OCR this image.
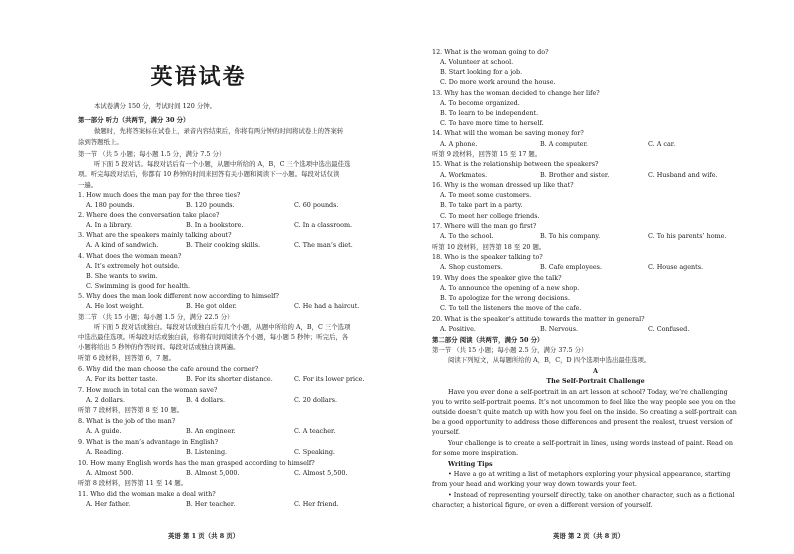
英语试卷
本试卷满分 150 分，考试时间 120 分钟。
第一部分 听力（共两节，满分 30 分）
做题时，先将答案标在试卷上，录音内容结束后，你将有两分钟的时间将试卷上的答案转
涂到答题纸上。
第一节 （共 5 小题；每小题 1.5 分，满分 7.5 分）
听下面 5 段对话。每段对话后有一个小题，从题中所给的 A，B，C 三个选项中选出最佳选
项。听完每段对话后，你都有 10 秒钟的时间来回答有关小题和阅读下一小题。每段对话仅读
一遍。
1. How much does the man pay for the three ties?
A. 180 pounds.	B. 120 pounds.	C. 60 pounds.
2. Where does the conversation take place?
A. In a library.	B. In a bookstore.	C. In a classroom.
3. What are the speakers mainly talking about?
A. A kind of sandwich.	B. Their cooking skills.	C. The man’s diet.
4. What does the woman mean?
A. It’s extremely hot outside.
B. She wants to swim.
C. Swimming is good for health.
5. Why does the man look different now according to himself?
A. He lost weight.	B. He got older.	C. He had a haircut.
第二节 （共 15 小题；每小题 1.5 分，满分 22.5 分）
听下面 5 段对话或独白。每段对话或独白后有几个小题，从题中所给的 A，B，C 三个选项
中选出最佳选项。听每段对话或独白前，你将有时间阅读各个小题，每小题 5 秒钟；听完后，各
小题将给出 5 秒钟的作答时间。每段对话或独白读两遍。
听第 6 段材料，回答第 6，7 题。
6. Why did the man choose the cafe around the corner?
A. For its better taste.	B. For its shorter distance.	C. For its lower price.
7. How much in total can the woman save?
A. 2 dollars.	B. 4 dollars.	C. 20 dollars.
听第 7 段材料，回答第 8 至 10 题。
8. What is the job of the man?
A. A guide.	B. An engineer.	C. A teacher.
9. What is the man’s advantage in English?
A. Reading.	B. Listening.	C. Speaking.
10. How many English words has the man grasped according to himself?
A. Almost 500.	B. Almost 5,000.	C. Almost 5,500.
听第 8 段材料，回答第 11 至 14 题。
11. Who did the woman make a deal with?
A. Her father.	B. Her teacher.	C. Her friend.
英语 第 1 页（共 8 页）
12. What is the woman going to do?
A. Volunteer at school.
B. Start looking for a job.
C. Do more work around the house.
13. Why has the woman decided to change her life?
A. To become organized.
B. To learn to be independent.
C. To have more time to herself.
14. What will the woman be saving money for?
A. A phone.	B. A computer.	C. A car.
听第 9 段材料，回答第 15 至 17 题。
15. What is the relationship between the speakers?
A. Workmates.	B. Brother and sister.	C. Husband and wife.
16. Why is the woman dressed up like that?
A. To meet some customers.
B. To take part in a party.
C. To meet her college friends.
17. Where will the man go first?
A. To the school.	B. To his company.	C. To his parents’ home.
听第 10 段材料，回答第 18 至 20 题。
18. Who is the speaker talking to?
A. Shop customers.	B. Cafe employees.	C. House agents.
19. Why does the speaker give the talk?
A. To announce the opening of a new shop.
B. To apologize for the wrong decisions.
C. To tell the listeners the move of the cafe.
20. What is the speaker’s attitude towards the matter in general?
A. Positive.	B. Nervous.	C. Confused.
第二部分 阅读（共两节，满分 50 分）
第一节 （共 15 小题；每小题 2.5 分，满分 37.5 分）
阅读下列短文，从每题所给的 A，B，C，D 四个选项中选出最佳选项。
A
The Self-Portrait Challenge
Have you ever done a self-portrait in an art lesson at school? Today, we’re challenging
you to write self-portrait poems. It’s not uncommon to feel like the way people see you on the
outside doesn’t quite match up with how you feel on the inside. So creating a self-portrait can
be a good opportunity to address those differences and present the realest, truest version of
yourself.
Your challenge is to create a self-portrait in lines, using words instead of paint. Read on
for some more inspiration.
Writing Tips
• Have a go at writing a list of metaphors exploring your physical appearance, starting
from your head and working your way down towards your feet.
• Instead of representing yourself directly, take on another character, such as a fictional
character, a historical figure, or even a different version of yourself.
英语 第 2 页（共 8 页）
